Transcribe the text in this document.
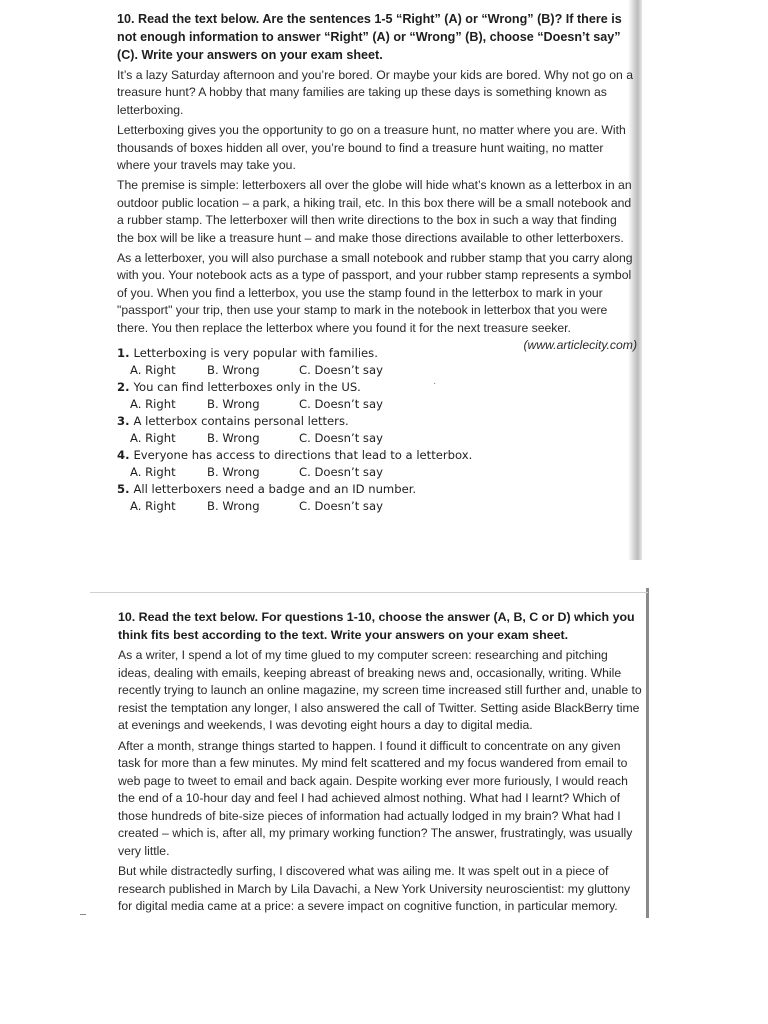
·

10. Read the text below. Are the sentences 1-5 “Right” (A) or “Wrong” (B)? If there is not enough information to answer “Right” (A) or “Wrong” (B), choose “Doesn’t say” (C). Write your answers on your exam sheet.

It’s a lazy Saturday afternoon and you’re bored. Or maybe your kids are bored. Why not go on a treasure hunt? A hobby that many families are taking up these days is something known as letterboxing.

Letterboxing gives you the opportunity to go on a treasure hunt, no matter where you are. With thousands of boxes hidden all over, you’re bound to find a treasure hunt waiting, no matter where your travels may take you.

The premise is simple: letterboxers all over the globe will hide what’s known as a letterbox in an outdoor public location – a park, a hiking trail, etc. In this box there will be a small notebook and a rubber stamp. The letterboxer will then write directions to the box in such a way that finding the box will be like a treasure hunt – and make those directions available to other letterboxers.

As a letterboxer, you will also purchase a small notebook and rubber stamp that you carry along with you. Your notebook acts as a type of passport, and your rubber stamp represents a symbol of you. When you find a letterbox, you use the stamp found in the letterbox to mark in your "passport" your trip, then use your stamp to mark in the notebook in letterbox that you were there. You then replace the letterbox where you found it for the next treasure seeker.
(www.articlecity.com)

1. Letterboxing is very popular with families.
A. Right	B. Wrong	C. Doesn’t say
2. You can find letterboxes only in the US.
A. Right	B. Wrong	C. Doesn’t say
3. A letterbox contains personal letters.
A. Right	B. Wrong	C. Doesn’t say
4. Everyone has access to directions that lead to a letterbox.
A. Right	B. Wrong	C. Doesn’t say
5. All letterboxers need a badge and an ID number.
A. Right	B. Wrong	C. Doesn’t say

10. Read the text below. For questions 1-10, choose the answer (A, B, C or D) which you think fits best according to the text. Write your answers on your exam sheet.

As a writer, I spend a lot of my time glued to my computer screen: researching and pitching ideas, dealing with emails, keeping abreast of breaking news and, occasionally, writing. While recently trying to launch an online magazine, my screen time increased still further and, unable to resist the temptation any longer, I also answered the call of Twitter. Setting aside BlackBerry time at evenings and weekends, I was devoting eight hours a day to digital media.

After a month, strange things started to happen. I found it difficult to concentrate on any given task for more than a few minutes. My mind felt scattered and my focus wandered from email to web page to tweet to email and back again. Despite working ever more furiously, I would reach the end of a 10-hour day and feel I had achieved almost nothing. What had I learnt? Which of those hundreds of bite-size pieces of information had actually lodged in my brain? What had I created – which is, after all, my primary working function? The answer, frustratingly, was usually very little.

But while distractedly surfing, I discovered what was ailing me. It was spelt out in a piece of research published in March by Lila Davachi, a New York University neuroscientist: my gluttony for digital media came at a price: a severe impact on cognitive function, in particular memory.
